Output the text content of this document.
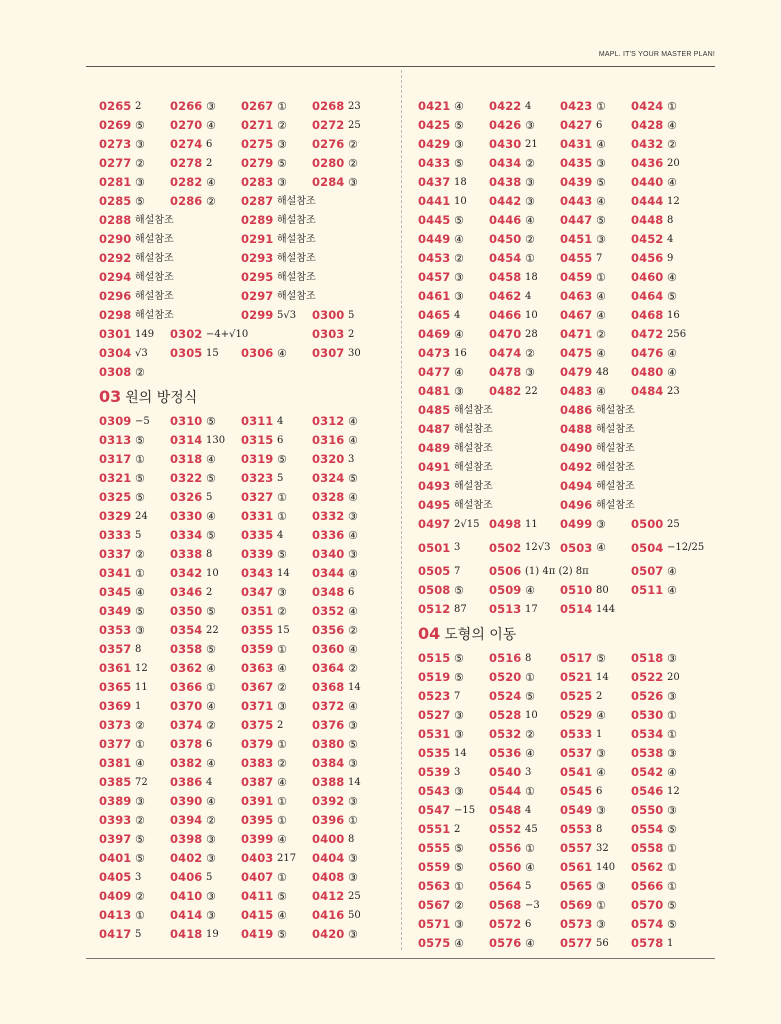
MAPL. IT'S YOUR MASTER PLAN!
0265 2 0266 ③ 0267 ① 0268 23
0269 ⑤ 0270 ④ 0271 ② 0272 25
0273 ③ 0274 6 0275 ③ 0276 ②
0277 ② 0278 2 0279 ⑤ 0280 ②
0281 ③ 0282 ④ 0283 ③ 0284 ③
0285 ⑤ 0286 ② 0287 해설참조
0288 해설참조	0289 해설참조
0290 해설참조	0291 해설참조
0292 해설참조	0293 해설참조
0294 해설참조	0295 해설참조
0296 해설참조	0297 해설참조
0298 해설참조	0299 5√3 0300 5
0301 149 0302 −4+√10	0303 2
0304 √3 0305 15 0306 ④ 0307 30
0308 ②
03 원의 방정식
0309 −5 0310 ⑤ 0311 4 0312 ④
0313 ⑤ 0314 130 0315 6 0316 ④
0317 ① 0318 ④ 0319 ⑤ 0320 3
0321 ⑤ 0322 ⑤ 0323 5 0324 ⑤
0325 ⑤ 0326 5 0327 ① 0328 ④
0329 24 0330 ④ 0331 ① 0332 ③
0333 5 0334 ⑤ 0335 4 0336 ④
0337 ② 0338 8 0339 ⑤ 0340 ③
0341 ① 0342 10 0343 14 0344 ④
0345 ④ 0346 2 0347 ③ 0348 6
0349 ⑤ 0350 ⑤ 0351 ② 0352 ④
0353 ③ 0354 22 0355 15 0356 ②
0357 8 0358 ⑤ 0359 ① 0360 ④
0361 12 0362 ④ 0363 ④ 0364 ②
0365 11 0366 ① 0367 ② 0368 14
0369 1 0370 ④ 0371 ③ 0372 ④
0373 ② 0374 ② 0375 2 0376 ③
0377 ① 0378 6 0379 ① 0380 ⑤
0381 ④ 0382 ④ 0383 ② 0384 ③
0385 72 0386 4 0387 ④ 0388 14
0389 ③ 0390 ④ 0391 ① 0392 ③
0393 ② 0394 ② 0395 ① 0396 ①
0397 ⑤ 0398 ③ 0399 ④ 0400 8
0401 ⑤ 0402 ③ 0403 217 0404 ③
0405 3 0406 5 0407 ① 0408 ③
0409 ② 0410 ③ 0411 ⑤ 0412 25
0413 ① 0414 ③ 0415 ④ 0416 50
0417 5 0418 19 0419 ⑤ 0420 ③
0421 ④ 0422 4 0423 ① 0424 ①
0425 ⑤ 0426 ③ 0427 6 0428 ④
0429 ③ 0430 21 0431 ④ 0432 ②
0433 ⑤ 0434 ② 0435 ③ 0436 20
0437 18 0438 ③ 0439 ⑤ 0440 ④
0441 10 0442 ③ 0443 ④ 0444 12
0445 ⑤ 0446 ④ 0447 ⑤ 0448 8
0449 ④ 0450 ② 0451 ③ 0452 4
0453 ② 0454 ① 0455 7 0456 9
0457 ③ 0458 18 0459 ① 0460 ④
0461 ③ 0462 4 0463 ④ 0464 ⑤
0465 4 0466 10 0467 ④ 0468 16
0469 ④ 0470 28 0471 ② 0472 256
0473 16 0474 ② 0475 ④ 0476 ④
0477 ④ 0478 ③ 0479 48 0480 ④
0481 ③ 0482 22 0483 ④ 0484 23
0485 해설참조	0486 해설참조
0487 해설참조	0488 해설참조
0489 해설참조	0490 해설참조
0491 해설참조	0492 해설참조
0493 해설참조	0494 해설참조
0495 해설참조	0496 해설참조
0497 2√15 0498 11 0499 ③ 0500 25
0501 3 0502 12√3 0503 ④ 0504 −12/25
0505 7 0506 (1) 4π (2) 8π	0507 ④
0508 ⑤ 0509 ④ 0510 80 0511 ④
0512 87 0513 17 0514 144
04 도형의 이동
0515 ⑤ 0516 8 0517 ⑤ 0518 ③
0519 ⑤ 0520 ① 0521 14 0522 20
0523 7 0524 ⑤ 0525 2 0526 ③
0527 ③ 0528 10 0529 ④ 0530 ①
0531 ③ 0532 ② 0533 1 0534 ①
0535 14 0536 ④ 0537 ③ 0538 ③
0539 3 0540 3 0541 ④ 0542 ④
0543 ③ 0544 ① 0545 6 0546 12
0547 −15 0548 4 0549 ③ 0550 ③
0551 2 0552 45 0553 8 0554 ⑤
0555 ⑤ 0556 ① 0557 32 0558 ①
0559 ⑤ 0560 ④ 0561 140 0562 ①
0563 ① 0564 5 0565 ③ 0566 ①
0567 ② 0568 −3 0569 ① 0570 ⑤
0571 ③ 0572 6 0573 ③ 0574 ⑤
0575 ④ 0576 ④ 0577 56 0578 1
